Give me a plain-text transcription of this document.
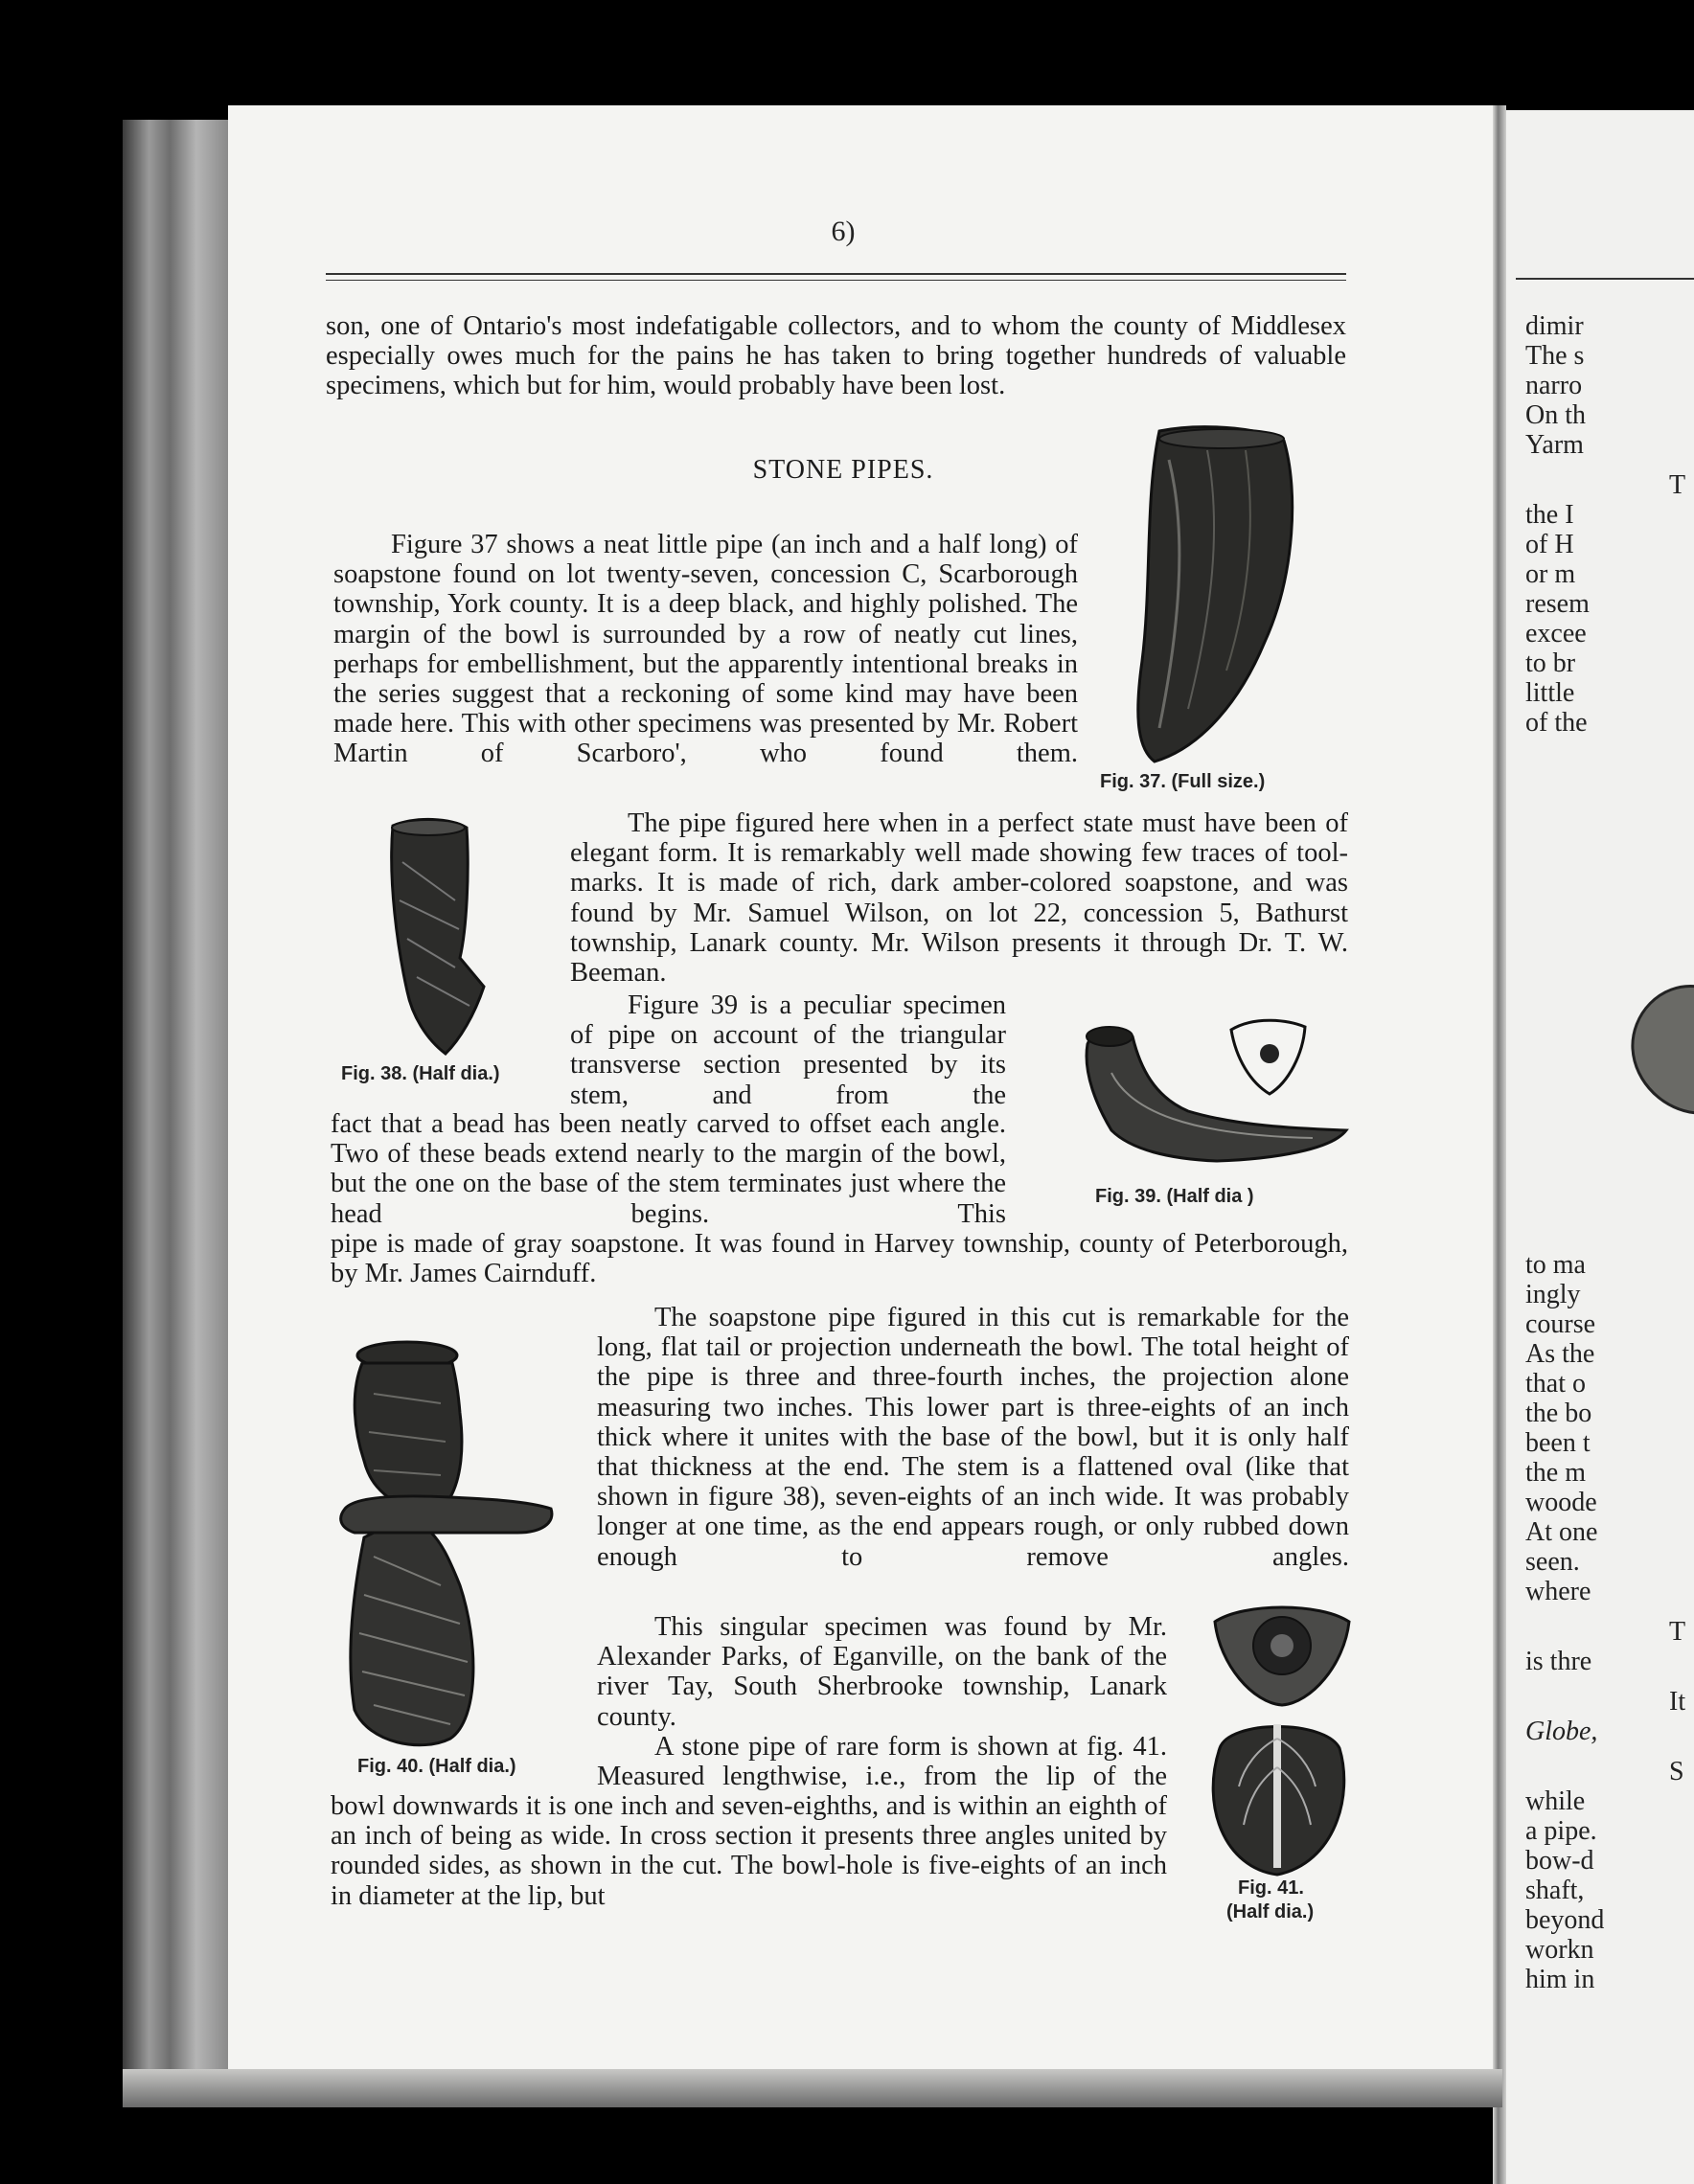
dimir

The s

narro

On th

Yarm

T

the I

of H

or m

resem

excee

to br

little

of the

to ma

ingly

course

As the

that o

the bo

been t

the m

woode

At one

seen.

where

T

is thre

It

Globe,

S

while

a pipe.

bow-d

shaft,

beyond

workn

him in

6)

son, one of Ontario's most indefatigable collectors, and to whom the county of Middlesex especially owes much for the pains he has taken to bring together hundreds of valuable specimens, which but for him, would probably have been lost.

STONE PIPES.

Figure 37 shows a neat little pipe (an inch and a half long) of soapstone found on lot twenty-seven, concession C, Scarborough township, York county. It is a deep black, and highly polished. The margin of the bowl is surrounded by a row of neatly cut lines, perhaps for embellishment, but the apparently intentional breaks in the series suggest that a reckoning of some kind may have been made here. This with other specimens was presented by Mr. Robert Martin of Scarboro', who found them.

Fig. 37. (Full size.)

The pipe figured here when in a perfect state must have been of elegant form. It is remarkably well made showing few traces of tool-marks. It is made of rich, dark amber-colored soapstone, and was found by Mr. Samuel Wilson, on lot 22, concession 5, Bathurst township, Lanark county. Mr. Wilson presents it through Dr. T. W. Beeman.

Fig. 38. (Half dia.)

Figure 39 is a peculiar specimen of pipe on account of the triangular transverse section presented by its stem, and from the

fact that a bead has been neatly carved to offset each angle. Two of these beads extend nearly to the margin of the bowl, but the one on the base of the stem terminates just where the head begins. This

pipe is made of gray soapstone. It was found in Harvey township, county of Peterborough, by Mr. James Cairnduff.

Fig. 39. (Half dia )

The soapstone pipe figured in this cut is remarkable for the long, flat tail or projection underneath the bowl. The total height of the pipe is three and three-fourth inches, the projection alone measuring two inches. This lower part is three-eights of an inch thick where it unites with the base of the bowl, but it is only half that thickness at the end. The stem is a flattened oval (like that shown in figure 38), seven-eights of an inch wide. It was probably longer at one time, as the end appears rough, or only rubbed down enough to remove angles.

This singular specimen was found by Mr. Alexander Parks, of Eganville, on the bank of the river Tay, South Sherbrooke township, Lanark county.

Fig. 40. (Half dia.)

A stone pipe of rare form is shown at fig. 41. Measured lengthwise, i.e., from the lip of the

bowl downwards it is one inch and seven-eighths, and is within an eighth of an inch of being as wide. In cross section it presents three angles united by rounded sides, as shown in the cut. The bowl-hole is five-eights of an inch in diameter at the lip, but	Fig. 41.

(Half dia.)
